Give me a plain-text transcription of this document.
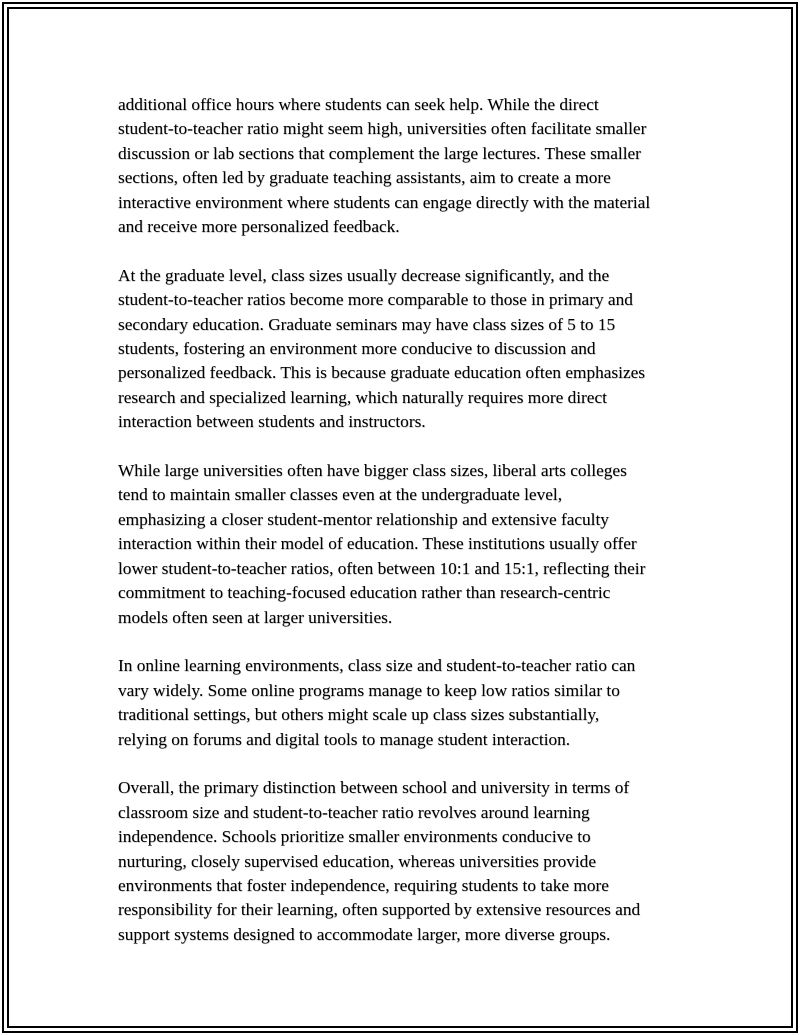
additional office hours where students can seek help. While the direct
student-to-teacher ratio might seem high, universities often facilitate smaller
discussion or lab sections that complement the large lectures. These smaller
sections, often led by graduate teaching assistants, aim to create a more
interactive environment where students can engage directly with the material
and receive more personalized feedback.

At the graduate level, class sizes usually decrease significantly, and the
student-to-teacher ratios become more comparable to those in primary and
secondary education. Graduate seminars may have class sizes of 5 to 15
students, fostering an environment more conducive to discussion and
personalized feedback. This is because graduate education often emphasizes
research and specialized learning, which naturally requires more direct
interaction between students and instructors.

While large universities often have bigger class sizes, liberal arts colleges
tend to maintain smaller classes even at the undergraduate level,
emphasizing a closer student-mentor relationship and extensive faculty
interaction within their model of education. These institutions usually offer
lower student-to-teacher ratios, often between 10:1 and 15:1, reflecting their
commitment to teaching-focused education rather than research-centric
models often seen at larger universities.

In online learning environments, class size and student-to-teacher ratio can
vary widely. Some online programs manage to keep low ratios similar to
traditional settings, but others might scale up class sizes substantially,
relying on forums and digital tools to manage student interaction.

Overall, the primary distinction between school and university in terms of
classroom size and student-to-teacher ratio revolves around learning
independence. Schools prioritize smaller environments conducive to
nurturing, closely supervised education, whereas universities provide
environments that foster independence, requiring students to take more
responsibility for their learning, often supported by extensive resources and
support systems designed to accommodate larger, more diverse groups.
